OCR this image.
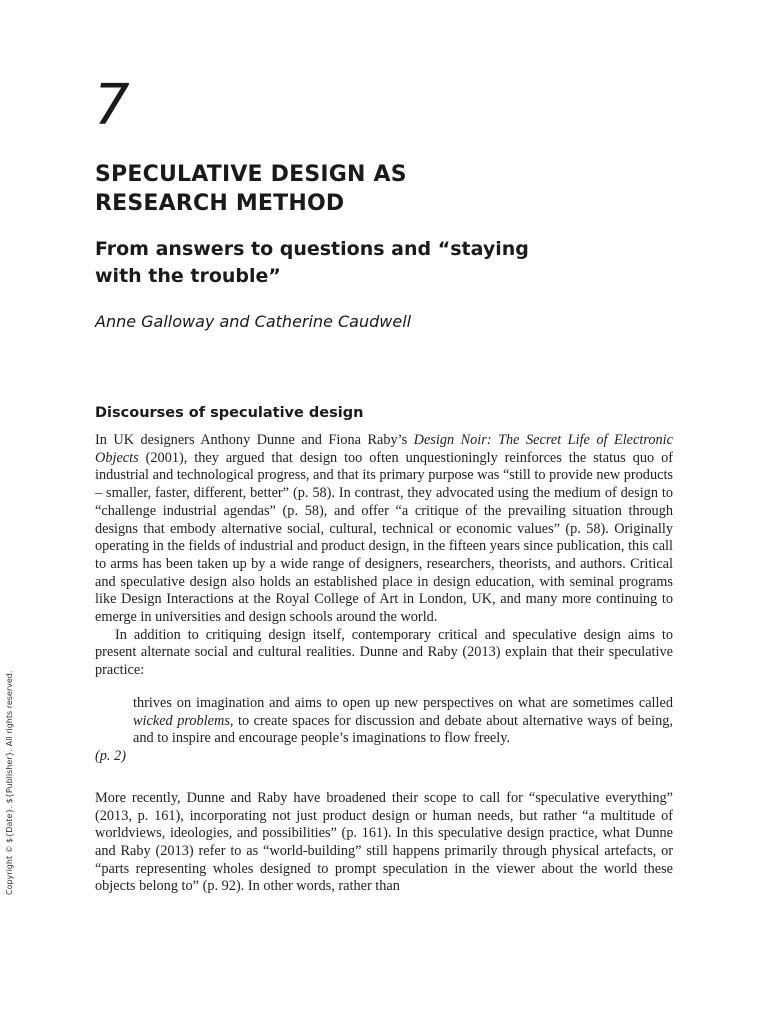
7
SPECULATIVE DESIGN AS
RESEARCH METHOD
From answers to questions and “staying
with the trouble”
Anne Galloway and Catherine Caudwell
Discourses of speculative design

In UK designers Anthony Dunne and Fiona Raby’s Design Noir: The Secret Life of Electronic Objects (2001), they argued that design too often unquestioningly reinforces the status quo of industrial and technological progress, and that its primary purpose was “still to provide new products – smaller, faster, different, better” (p. 58). In contrast, they advocated using the medium of design to “challenge industrial agendas” (p. 58), and offer “a critique of the prevailing situation through designs that embody alternative social, cultural, technical or economic values” (p. 58). Originally operating in the fields of industrial and product design, in the fifteen years since publication, this call to arms has been taken up by a wide range of designers, researchers, theorists, and authors. Critical and speculative design also holds an established place in design education, with seminal programs like Design Interactions at the Royal College of Art in London, UK, and many more continuing to emerge in universities and design schools around the world.

In addition to critiquing design itself, contemporary critical and speculative design aims to present alternate social and cultural realities. Dunne and Raby (2013) explain that their speculative practice:

thrives on imagination and aims to open up new perspectives on what are sometimes called wicked problems, to create spaces for discussion and debate about alternative ways of being, and to inspire and encourage people’s imaginations to flow freely.

(p. 2)

More recently, Dunne and Raby have broadened their scope to call for “speculative everything” (2013, p. 161), incorporating not just product design or human needs, but rather “a multitude of worldviews, ideologies, and possibilities” (p. 161). In this speculative design practice, what Dunne and Raby (2013) refer to as “world-building” still happens primarily through physical artefacts, or “parts representing wholes designed to prompt speculation in the viewer about the world these objects belong to” (p. 92). In other words, rather than

Copyright © ${Date}. ${Publisher}. All rights reserved.
